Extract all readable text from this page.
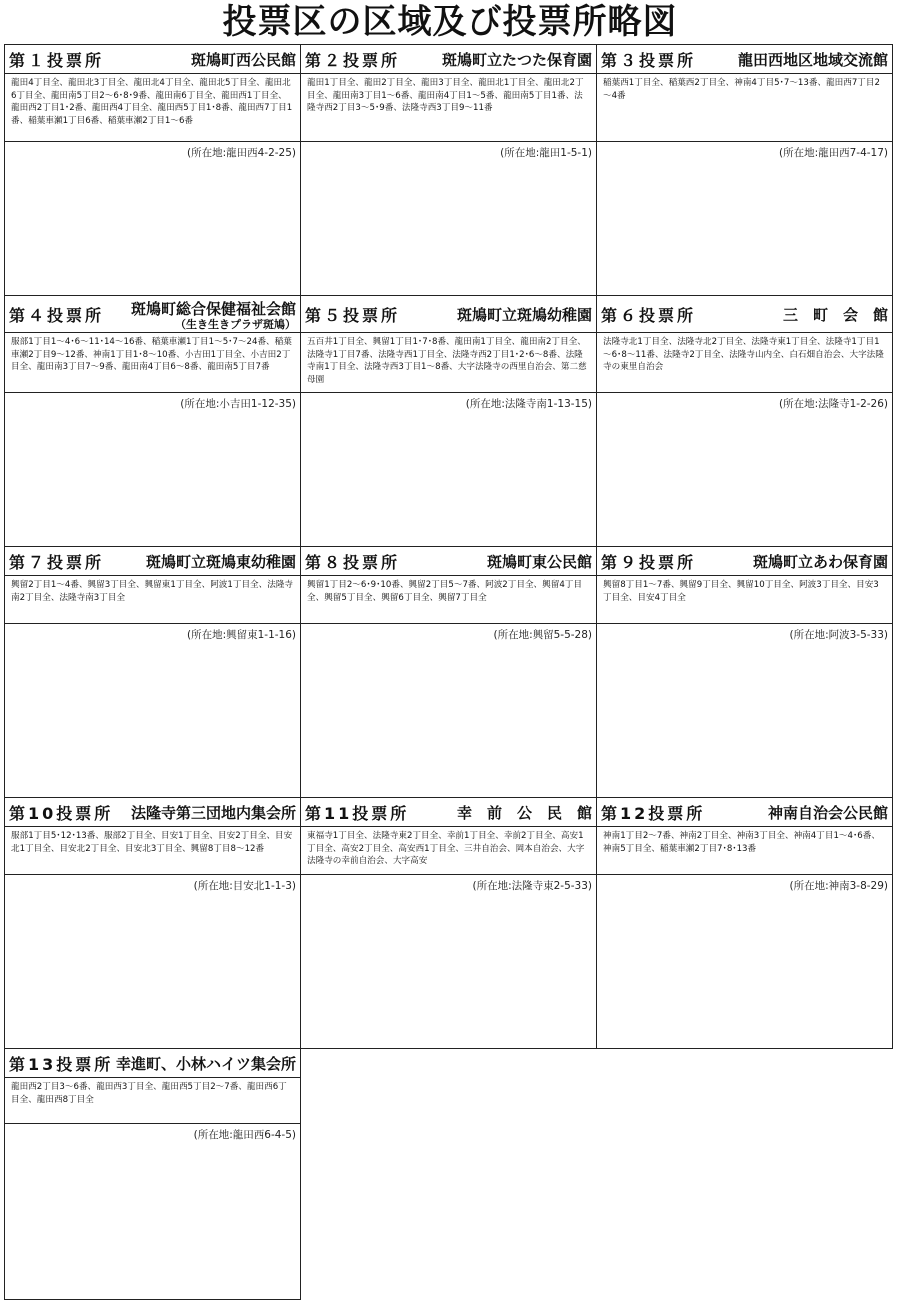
投票区の区域及び投票所略図
第１投票所	斑鳩町西公民館
龍田4丁目全、龍田北3丁目全、龍田北4丁目全、龍田北5丁目全、龍田北6丁目全、龍田南5丁目2～6･8･9番、龍田南6丁目全、龍田西1丁目全、龍田西2丁目1･2番、龍田西4丁目全、龍田西5丁目1･8番、龍田西7丁目1番、稲葉車瀬1丁目6番、稲葉車瀬2丁目1～6番
(所在地:龍田西4-2-25)
第２投票所	斑鳩町立たつた保育園
龍田1丁目全、龍田2丁目全、龍田3丁目全、龍田北1丁目全、龍田北2丁目全、龍田南3丁目1～6番、龍田南4丁目1～5番、龍田南5丁目1番、法隆寺西2丁目3～5･9番、法隆寺西3丁目9～11番
(所在地:龍田1-5-1)
第３投票所	龍田西地区地域交流館
稲葉西1丁目全、稲葉西2丁目全、神南4丁目5･7～13番、龍田西7丁目2～4番
(所在地:龍田西7-4-17)
第４投票所	斑鳩町総合保健福祉会館
（生き生きプラザ斑鳩）
服部1丁目1～4･6～11･14～16番、稲葉車瀬1丁目1～5･7～24番、稲葉車瀬2丁目9～12番、神南1丁目1･8～10番、小吉田1丁目全、小吉田2丁目全、龍田南3丁目7～9番、龍田南4丁目6～8番、龍田南5丁目7番
(所在地:小吉田1-12-35)
第５投票所	斑鳩町立斑鳩幼稚園
五百井1丁目全、興留1丁目1･7･8番、龍田南1丁目全、龍田南2丁目全、法隆寺1丁目7番、法隆寺西1丁目全、法隆寺西2丁目1･2･6～8番、法隆寺南1丁目全、法隆寺西3丁目1～8番、大字法隆寺の西里自治会、第二慈母園
(所在地:法隆寺南1-13-15)
第６投票所	三　町　会　館
法隆寺北1丁目全、法隆寺北2丁目全、法隆寺東1丁目全、法隆寺1丁目1～6･8～11番、法隆寺2丁目全、法隆寺山内全、白石畑自治会、大字法隆寺の東里自治会
(所在地:法隆寺1-2-26)
第７投票所	斑鳩町立斑鳩東幼稚園
興留2丁目1～4番、興留3丁目全、興留東1丁目全、阿波1丁目全、法隆寺南2丁目全、法隆寺南3丁目全
(所在地:興留東1-1-16)
第８投票所	斑鳩町東公民館
興留1丁目2～6･9･10番、興留2丁目5～7番、阿波2丁目全、興留4丁目全、興留5丁目全、興留6丁目全、興留7丁目全
(所在地:興留5-5-28)
第９投票所	斑鳩町立あわ保育園
興留8丁目1～7番、興留9丁目全、興留10丁目全、阿波3丁目全、目安3丁目全、目安4丁目全
(所在地:阿波3-5-33)
第10投票所	法隆寺第三団地内集会所
服部1丁目5･12･13番、服部2丁目全、目安1丁目全、目安2丁目全、目安北1丁目全、目安北2丁目全、目安北3丁目全、興留8丁目8～12番
(所在地:目安北1-1-3)
第11投票所	幸　前　公　民　館
東福寺1丁目全、法隆寺東2丁目全、幸前1丁目全、幸前2丁目全、高安1丁目全、高安2丁目全、高安西1丁目全、三井自治会、岡本自治会、大字法隆寺の幸前自治会、大字高安
(所在地:法隆寺東2-5-33)
第12投票所	神南自治会公民館
神南1丁目2～7番、神南2丁目全、神南3丁目全、神南4丁目1～4･6番、神南5丁目全、稲葉車瀬2丁目7･8･13番
(所在地:神南3-8-29)
第13投票所 幸進町、小林ハイツ集会所
龍田西2丁目3～6番、龍田西3丁目全、龍田西5丁目2～7番、龍田西6丁目全、龍田西8丁目全
(所在地:龍田西6-4-5)
